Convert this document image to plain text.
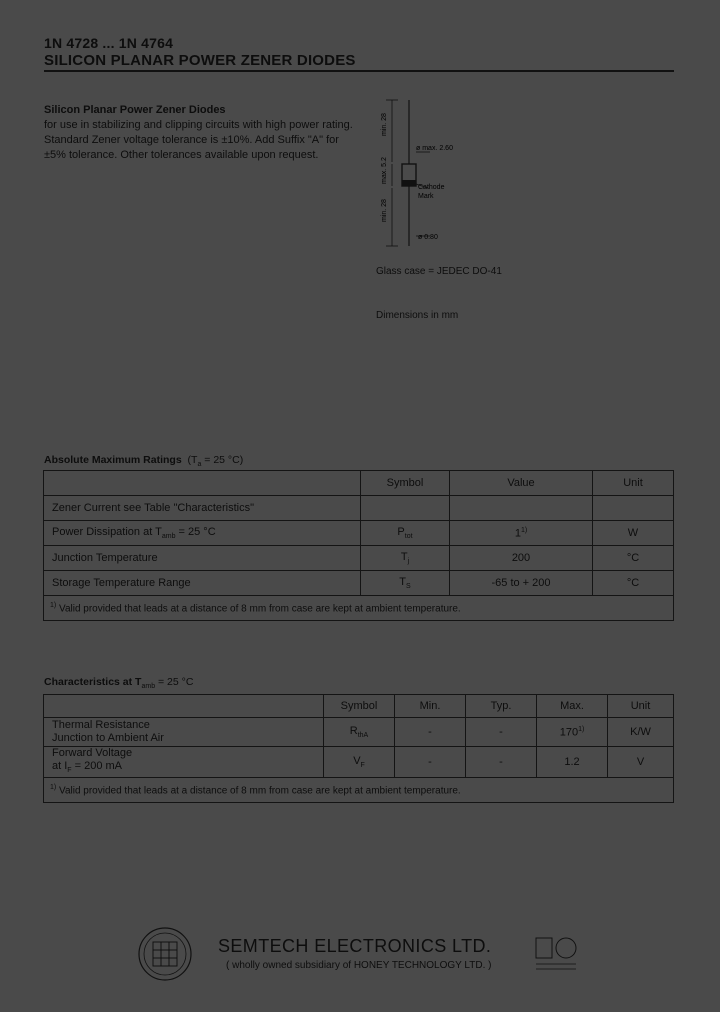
1N 4728 ... 1N 4764
SILICON PLANAR POWER ZENER DIODES
Silicon Planar Power Zener Diodes
for use in stabilizing and clipping circuits with high power rating.
Standard Zener voltage tolerance is ±10%. Add Suffix "A" for
±5% tolerance. Other tolerances available upon request.
min. 28
max. 5.2
min. 28
ø max. 2.60
Cathode
Mark
ø 0.80
Glass case = JEDEC DO-41
Dimensions in mm
Absolute Maximum Ratings ($T_a = 25$ °C)
	Symbol	Value	Unit
Zener Current see Table "Characteristics"			
Power Dissipation at $T_{amb} = 25$ °C	$P_{tot}$	1$^{1)}$	W
Junction Temperature	$T_j$	200	°C
Storage Temperature Range	$T_S$	-65 to + 200	°C
$^{1)}$ Valid provided that leads at a distance of 8 mm from case are kept at ambient temperature.			
Characteristics at $T_{amb} = 25$ °C
	Symbol	Min.	Typ.	Max.	Unit

Thermal Resistance
Junction to Ambient Air	$R_{thA}$	-	-	170$^{1)}$	K/W

Forward Voltage
at $I_F = 200$ mA	$V_F$	-	-	1.2	V
$^{1)}$ Valid provided that leads at a distance of 8 mm from case are kept at ambient temperature.					
SEMTECH ELECTRONICS LTD.
( wholly owned subsidiary of HONEY TECHNOLOGY LTD. )
